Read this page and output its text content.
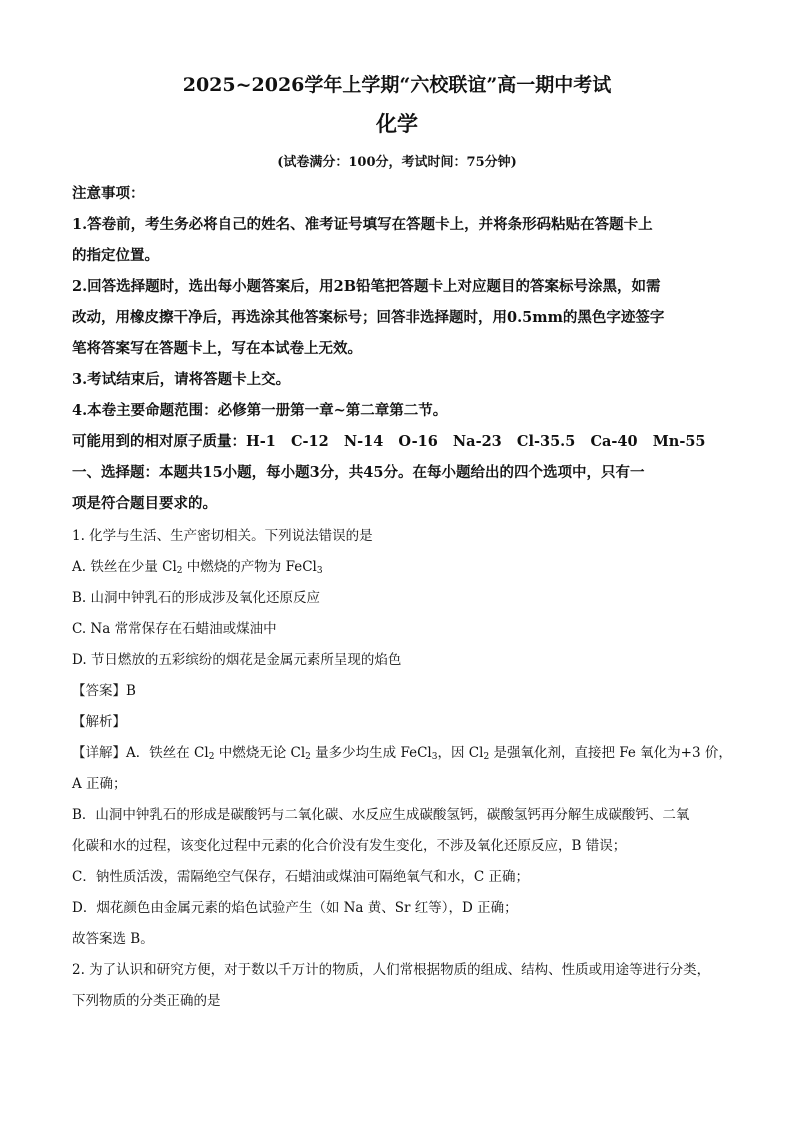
2025~2026学年上学期“六校联谊”高一期中考试
化学
(试卷满分：100分，考试时间：75分钟)
注意事项：
1.答卷前，考生务必将自己的姓名、准考证号填写在答题卡上，并将条形码粘贴在答题卡上
的指定位置。
2.回答选择题时，选出每小题答案后，用2B铅笔把答题卡上对应题目的答案标号涂黑，如需
改动，用橡皮擦干净后，再选涂其他答案标号；回答非选择题时，用0.5mm的黑色字迹签字
笔将答案写在答题卡上，写在本试卷上无效。
3.考试结束后，请将答题卡上交。
4.本卷主要命题范围：必修第一册第一章~第二章第二节。
可能用到的相对原子质量：H-1   C-12   N-14   O-16   Na-23   Cl-35.5   Ca-40   Mn-55
一、选择题：本题共15小题，每小题3分，共45分。在每小题给出的四个选项中，只有一
项是符合题目要求的。
1. 化学与生活、生产密切相关。下列说法错误的是
A. 铁丝在少量 $Cl_2$ 中燃烧的产物为 FeCl$_3$
B. 山洞中钟乳石的形成涉及氧化还原反应
C. Na 常常保存在石蜡油或煤油中
D. 节日燃放的五彩缤纷的烟花是金属元素所呈现的焰色
【答案】B
【解析】
【详解】A．铁丝在 $Cl_2$ 中燃烧无论 $Cl_2$ 量多少均生成 FeCl$_3$，因 $Cl_2$ 是强氧化剂，直接把 Fe 氧化为+3 价，
A 正确；
B．山洞中钟乳石的形成是碳酸钙与二氧化碳、水反应生成碳酸氢钙，碳酸氢钙再分解生成碳酸钙、二氧
化碳和水的过程，该变化过程中元素的化合价没有发生变化，不涉及氧化还原反应，B 错误；
C．钠性质活泼，需隔绝空气保存，石蜡油或煤油可隔绝氧气和水，C 正确；
D．烟花颜色由金属元素的焰色试验产生（如 Na 黄、Sr 红等），D 正确；
故答案选 B。
2. 为了认识和研究方便，对于数以千万计的物质，人们常根据物质的组成、结构、性质或用途等进行分类，
下列物质的分类正确的是
